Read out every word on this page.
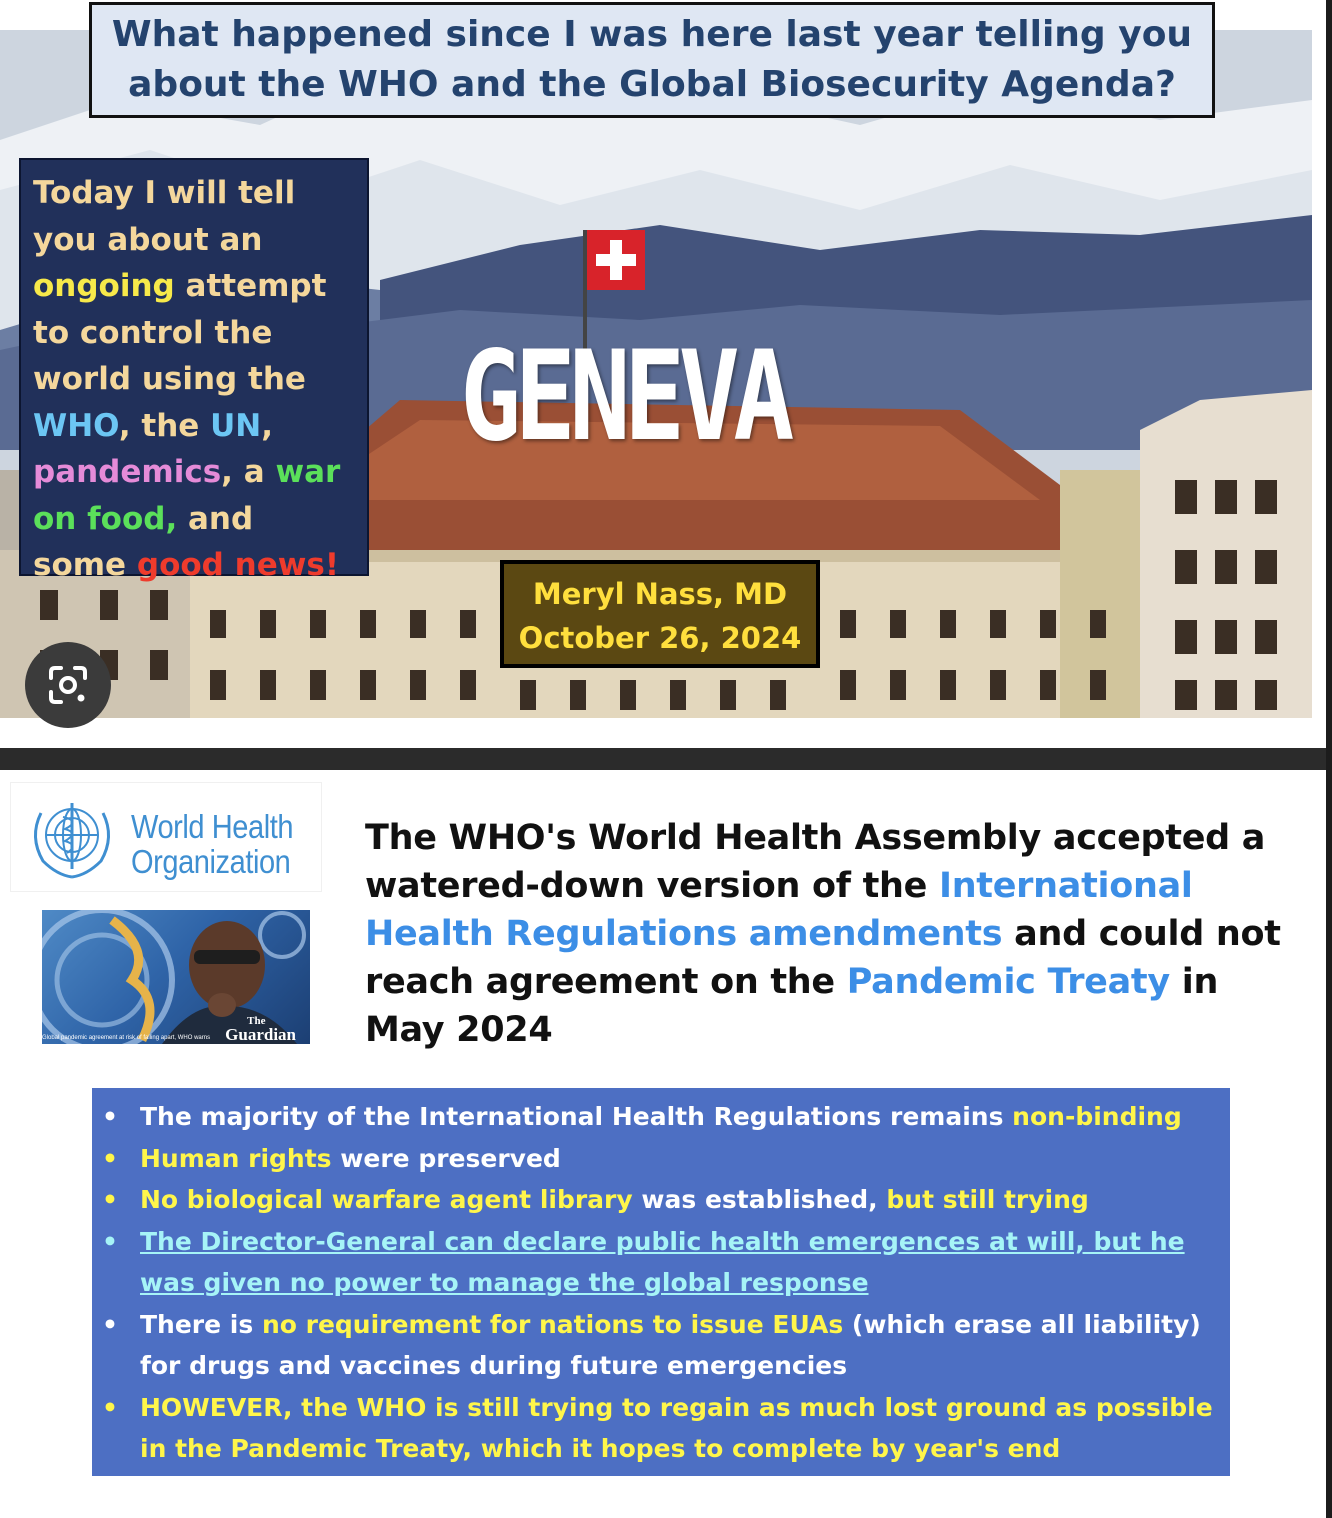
What happened since I was here last year telling you about the WHO and the Global Biosecurity Agenda?
Today I will tell you about an ongoing attempt to control the world using the WHO, the UN,
pandemics, a war on food, and some good news!
GENEVA
Meryl Nass, MD
October 26, 2024
World Health
Organization
Global pandemic agreement at risk of falling apart, WHO warns
The
Guardian
The WHO's World Health Assembly accepted a watered-down version of the International Health Regulations amendments and could not reach agreement on the Pandemic Treaty in May 2024
• The majority of the International Health Regulations remains non-binding
• Human rights were preserved
• No biological warfare agent library was established, but still trying
• The Director-General can declare public health emergences at will, but he was given no power to manage the global response
• There is no requirement for nations to issue EUAs (which erase all liability) for drugs and vaccines during future emergencies
• HOWEVER, the WHO is still trying to regain as much lost ground as possible in the Pandemic Treaty, which it hopes to complete by year's end
